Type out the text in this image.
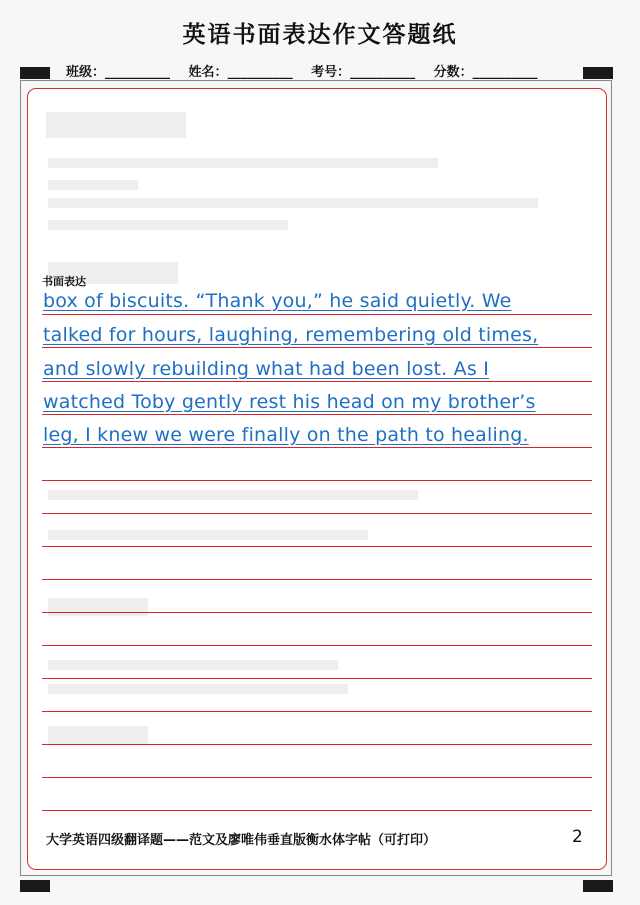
英语书面表达作文答题纸
班级：__________ 姓名：__________ 考号：__________ 分数：__________
书面表达
box of biscuits. “Thank you,” he said quietly. We
talked for hours, laughing, remembering old times,
and slowly rebuilding what had been lost. As I
watched Toby gently rest his head on my brother’s
leg, I knew we were finally on the path to healing.
大学英语四级翻译题——范文及廖唯伟垂直版衡水体字帖（可打印）	2
